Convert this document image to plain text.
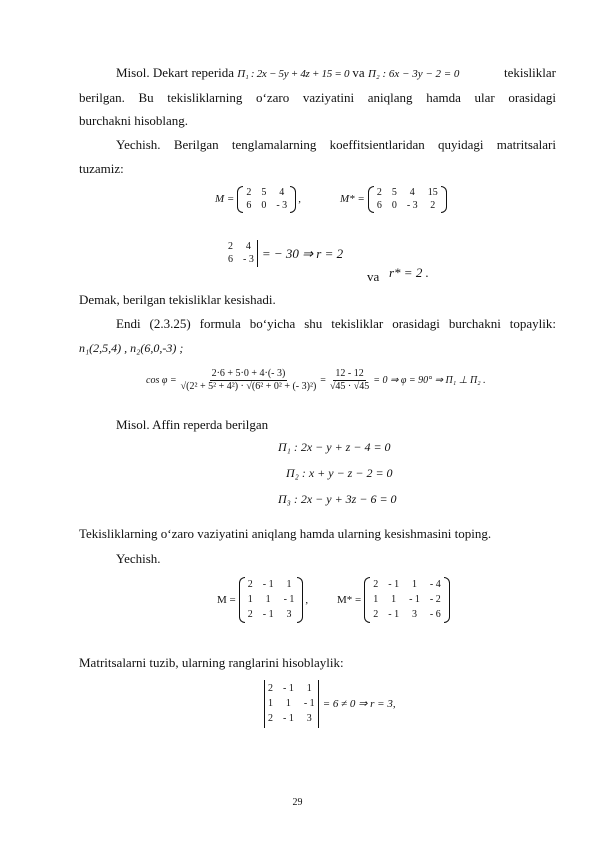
Misol. Dekart reperida Π₁ : 2x − 5y + 4z + 15 = 0 va Π₂ : 6x − 3y − 2 = 0	tekisliklar
berilgan. Bu tekisliklarning o‘zaro vaziyatini aniqlang hamda ular orasidagi
burchakni hisoblang.
Yechish. Berilgan tenglamalarning koeffitsientlaridan quyidagi matritsalari
tuzamiz:
M =
2 5 4
6 0 - 3
,	M* =
2 5 4 15
6 0 - 3 2
2 4
6 - 3 = − 30 ⇒ r = 2
va r* = 2 .
Demak, berilgan tekisliklar kesishadi.
Endi (2.3.25) formula bo‘yicha shu tekisliklar orasidagi burchakni topaylik:
n₁(2,5,4) , n₂(6,0,-3) ;
$\cos \varphi = \frac{2\cdot 6 + 5\cdot 0 + 4\cdot(- 3)}{\text{√(2² + 5² + 4²) · √(6² + 0² + (- 3)²)}} = \frac{12 - 12}{√45 \cdot √45} = 0$ ⇒ φ = 90° ⇒ Π₁ ⊥ Π₂ .
Misol. Affin reperda berilgan
Π₁ : 2x − y + z − 4 = 0
Π₂ : x + y − z − 2 = 0
Π₃ : 2x − y + 3z − 6 = 0
Tekisliklarning o‘zaro vaziyatini aniqlang hamda ularning kesishmasini toping.
Yechish.
M =
2 - 1 1
1 1 - 1
2 - 1 3
,	M* =
2 - 1 1 - 4
1 1 - 1 - 2
2 - 1 3 - 6
Matritsalarni tuzib, ularning ranglarini hisoblaylik:
2 - 1 1
1 1 - 1
2 - 1 3
= 6 ≠ 0 ⇒ r = 3,
29
